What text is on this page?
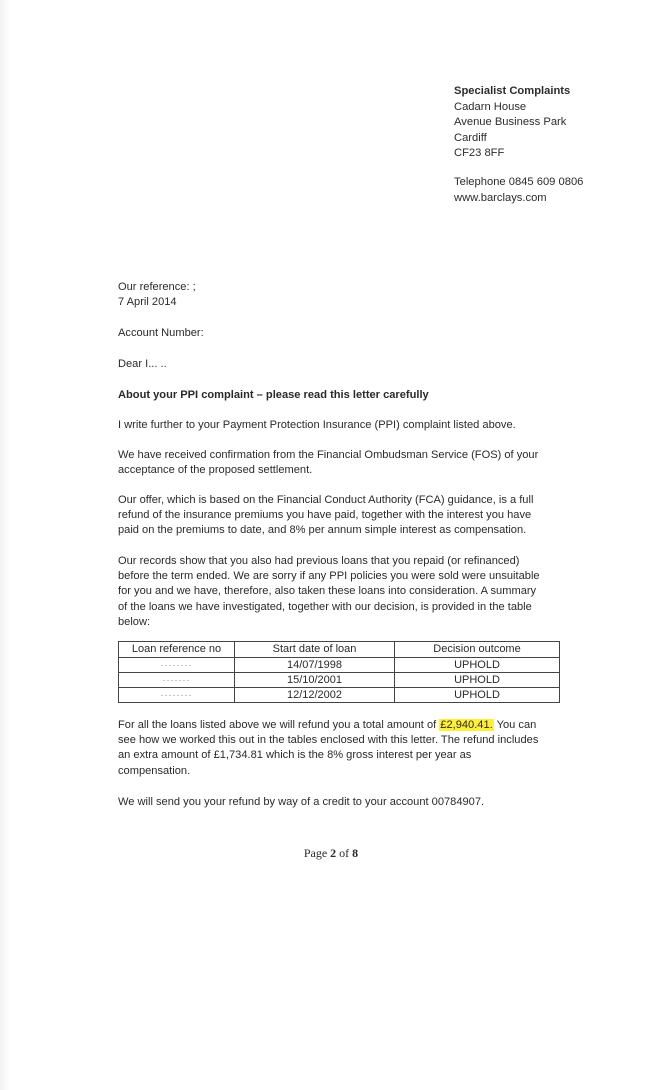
Specialist Complaints
Cadarn House
Avenue Business Park
Cardiff
CF23 8FF
Telephone 0845 609 0806
www.barclays.com
Our reference: ;
7 April 2014
Account Number:
Dear I... ..
About your PPI complaint – please read this letter carefully
I write further to your Payment Protection Insurance (PPI) complaint listed above.
We have received confirmation from the Financial Ombudsman Service (FOS) of your
acceptance of the proposed settlement.
Our offer, which is based on the Financial Conduct Authority (FCA) guidance, is a full
refund of the insurance premiums you have paid, together with the interest you have
paid on the premiums to date, and 8% per annum simple interest as compensation.
Our records show that you also had previous loans that you repaid (or refinanced)
before the term ended. We are sorry if any PPI policies you were sold were unsuitable
for you and we have, therefore, also taken these loans into consideration. A summary
of the loans we have investigated, together with our decision, is provided in the table
below:
Loan reference no	Start date of loan	Decision outcome
--------	14/07/1998	UPHOLD
-------	15/10/2001	UPHOLD
--------	12/12/2002	UPHOLD
For all the loans listed above we will refund you a total amount of £2,940.41. You can
see how we worked this out in the tables enclosed with this letter. The refund includes
an extra amount of £1,734.81 which is the 8% gross interest per year as
compensation.
We will send you your refund by way of a credit to your account 00784907.
Page 2 of 8
